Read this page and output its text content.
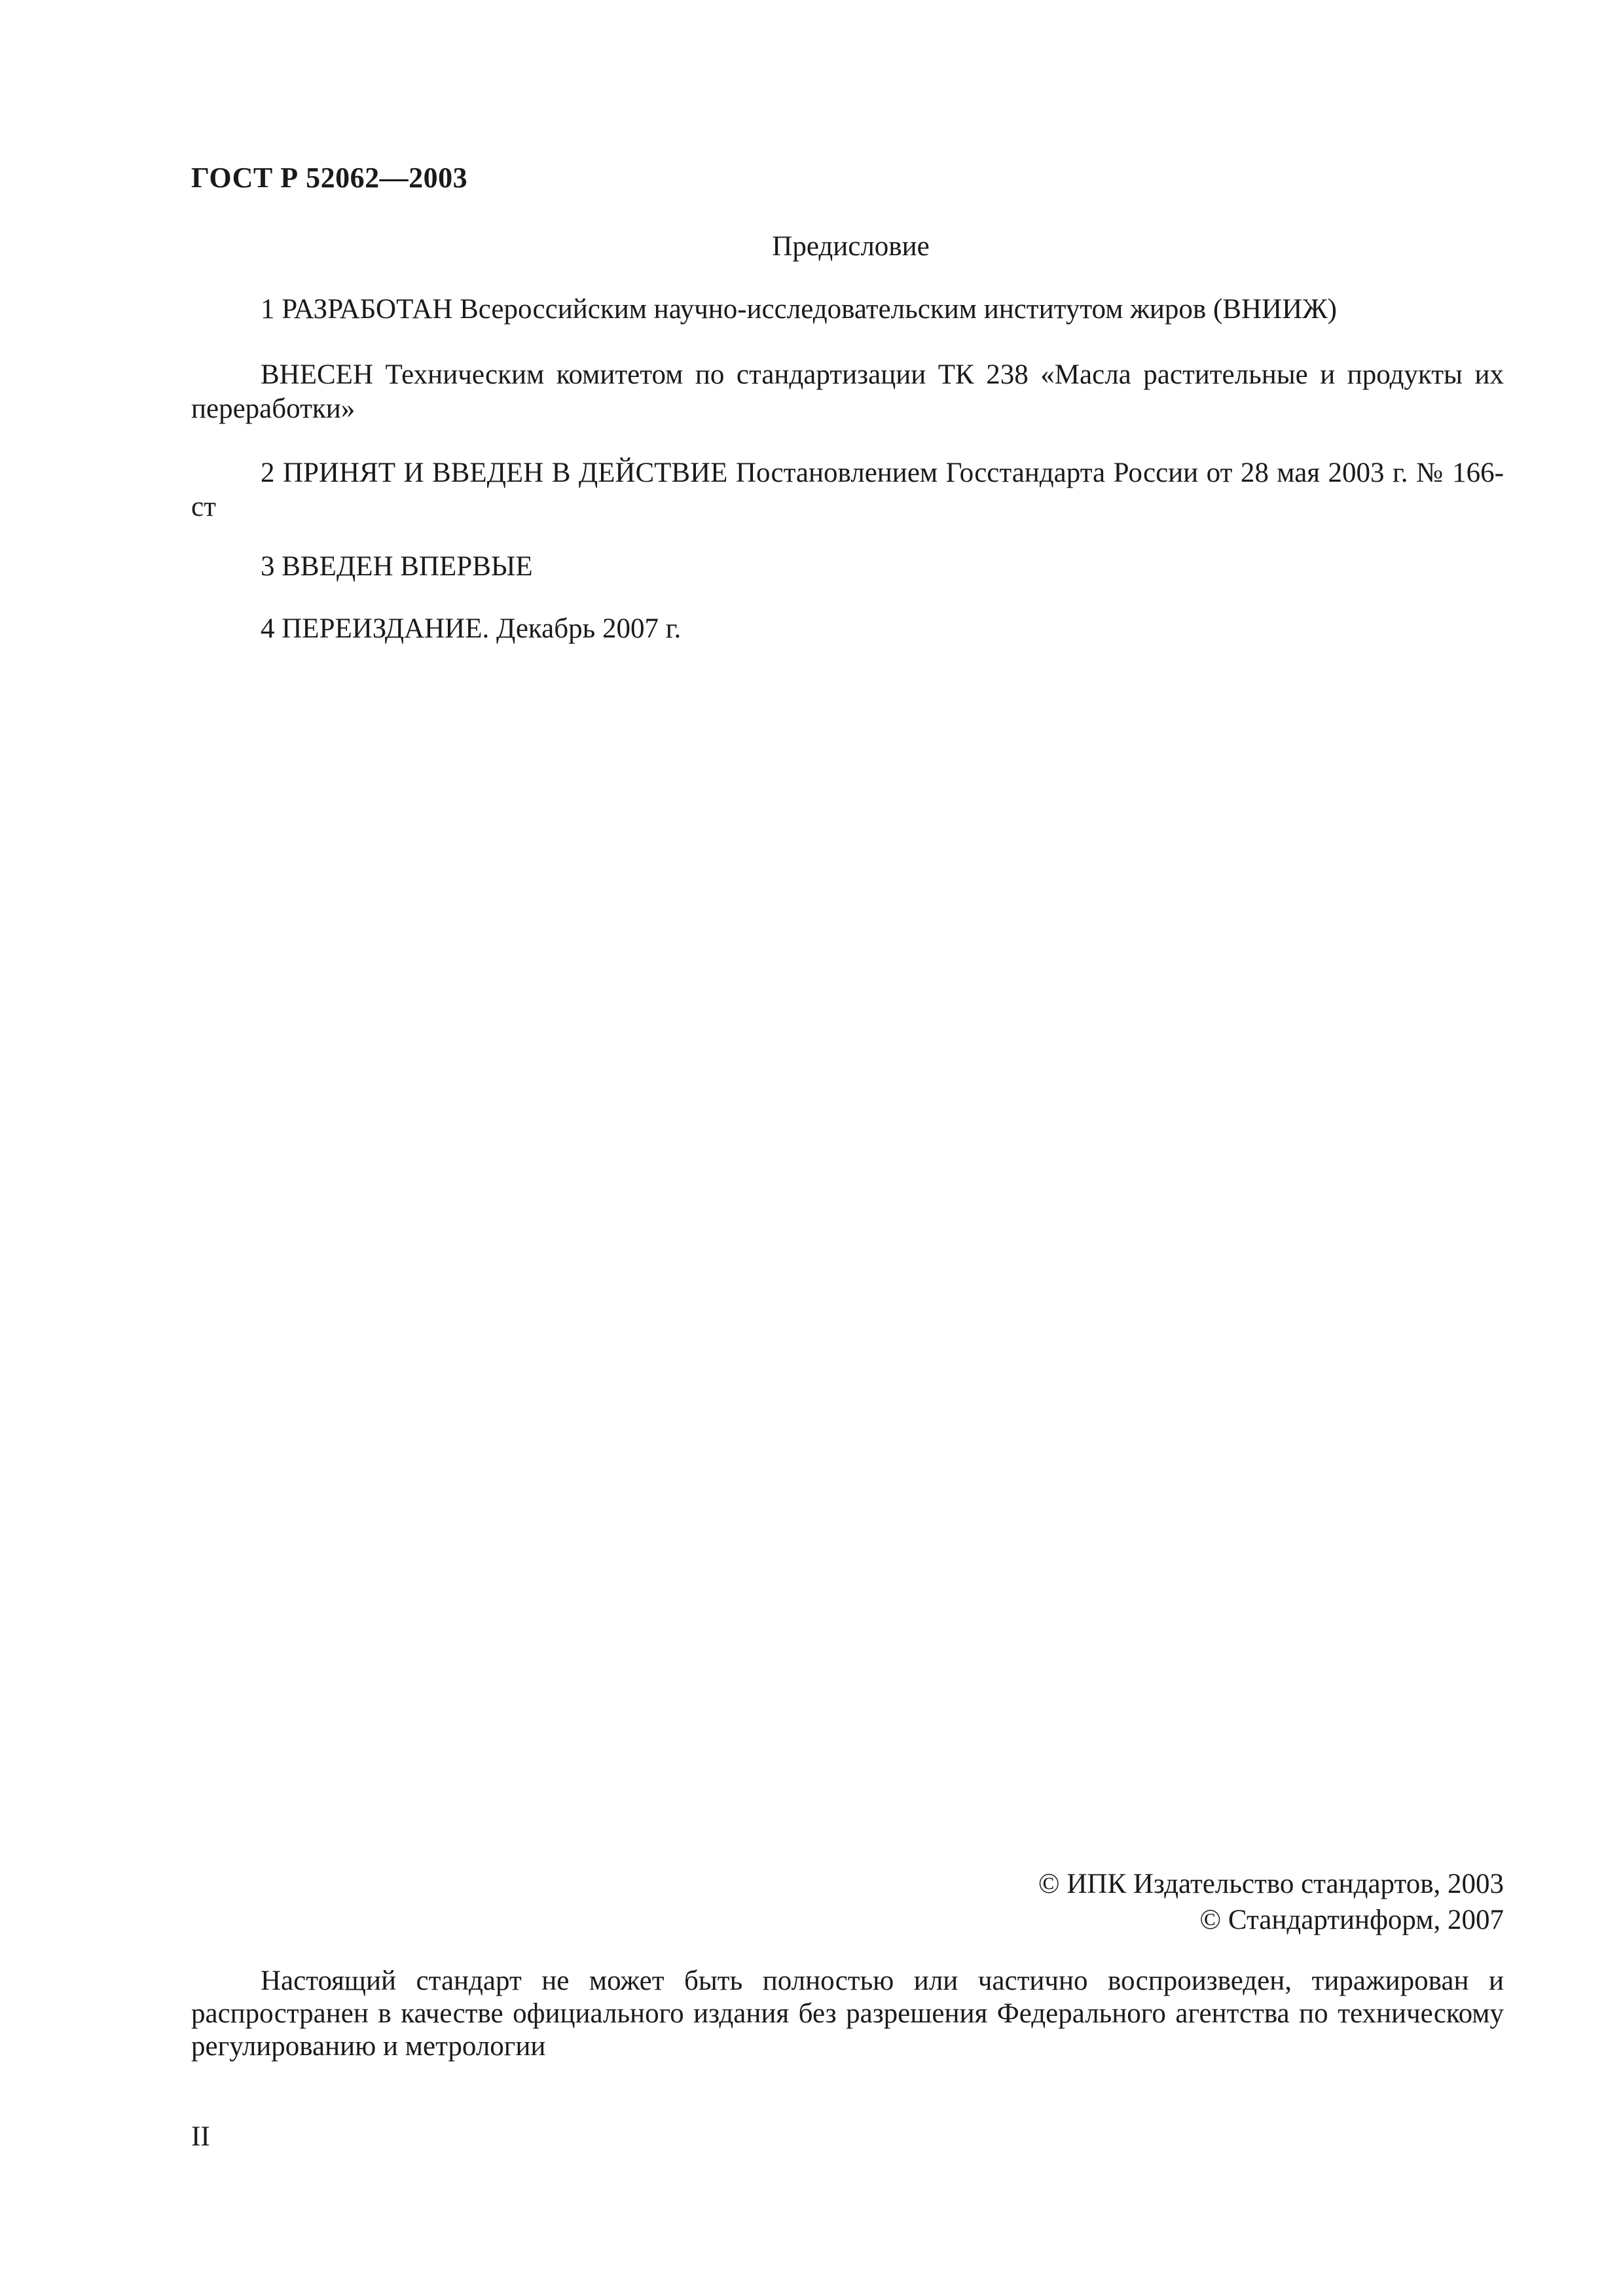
ГОСТ Р 52062—2003
Предисловие

1 РАЗРАБОТАН Всероссийским научно-исследовательским институтом жиров (ВНИИЖ)

ВНЕСЕН Техническим комитетом по стандартизации ТК 238 «Масла растительные и продукты их переработки»

2 ПРИНЯТ И ВВЕДЕН В ДЕЙСТВИЕ Постановлением Госстандарта России от 28 мая 2003 г. № 166-ст

3 ВВЕДЕН ВПЕРВЫЕ

4 ПЕРЕИЗДАНИЕ. Декабрь 2007 г.

© ИПК Издательство стандартов, 2003
© Стандартинформ, 2007

Настоящий стандарт не может быть полностью или частично воспроизведен, тиражирован и распространен в качестве официального издания без разрешения Федерального агентства по техническому регулированию и метрологии

II
